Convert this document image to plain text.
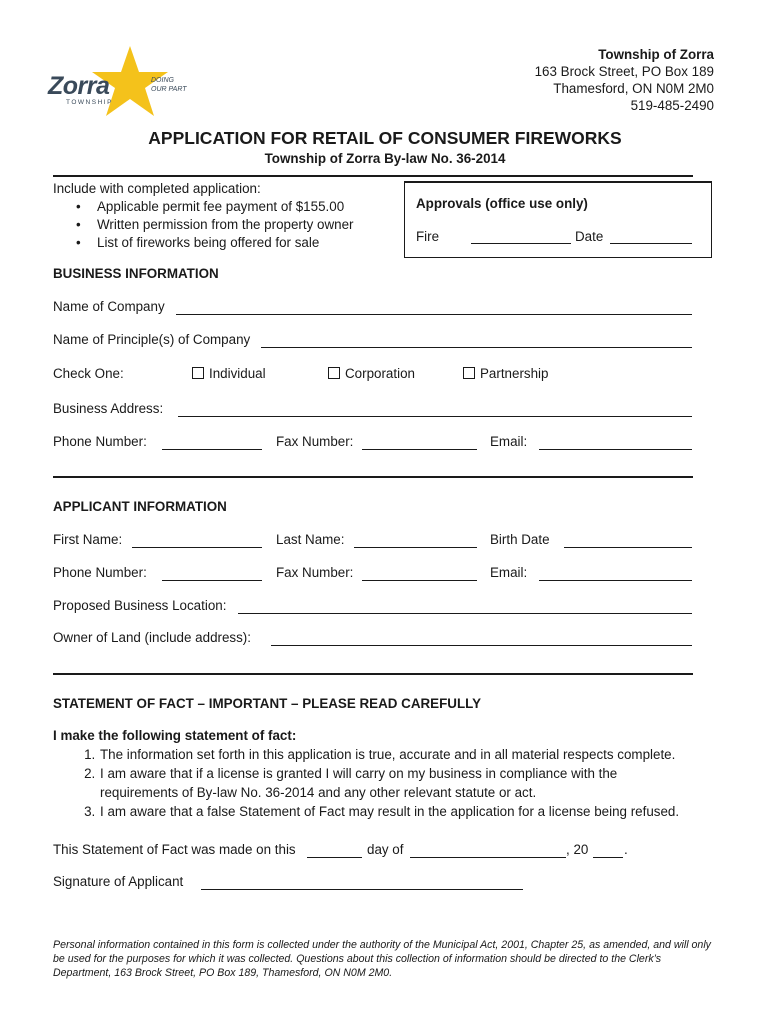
Zorra
TOWNSHIP
DOING
OUR PART
Township of Zorra
163 Brock Street, PO Box 189
Thamesford, ON N0M 2M0
519-485-2490
APPLICATION FOR RETAIL OF CONSUMER FIREWORKS
Township of Zorra By-law No. 36-2014
Include with completed application:
• Applicable permit fee payment of $155.00
• Written permission from the property owner
• List of fireworks being offered for sale
Approvals (office use only)
Fire	Date
BUSINESS INFORMATION
Name of Company
Name of Principle(s) of Company
Check One:	Individual	Corporation	Partnership
Business Address:
Phone Number:	Fax Number:	Email:
APPLICANT INFORMATION
First Name:	Last Name:	Birth Date
Phone Number:	Fax Number:	Email:
Proposed Business Location:
Owner of Land (include address):
STATEMENT OF FACT – IMPORTANT – PLEASE READ CAREFULLY
I make the following statement of fact:
1. The information set forth in this application is true, accurate and in all material respects complete.
2. I am aware that if a license is granted I will carry on my business in compliance with the requirements of By-law No. 36-2014 and any other relevant statute or act.
3. I am aware that a false Statement of Fact may result in the application for a license being refused.
This Statement of Fact was made on this	day of	, 20	.
Signature of Applicant
Personal information contained in this form is collected under the authority of the Municipal Act, 2001, Chapter 25, as amended, and will only be used for the purposes for which it was collected. Questions about this collection of information should be directed to the Clerk’s Department, 163 Brock Street, PO Box 189, Thamesford, ON N0M 2M0.
